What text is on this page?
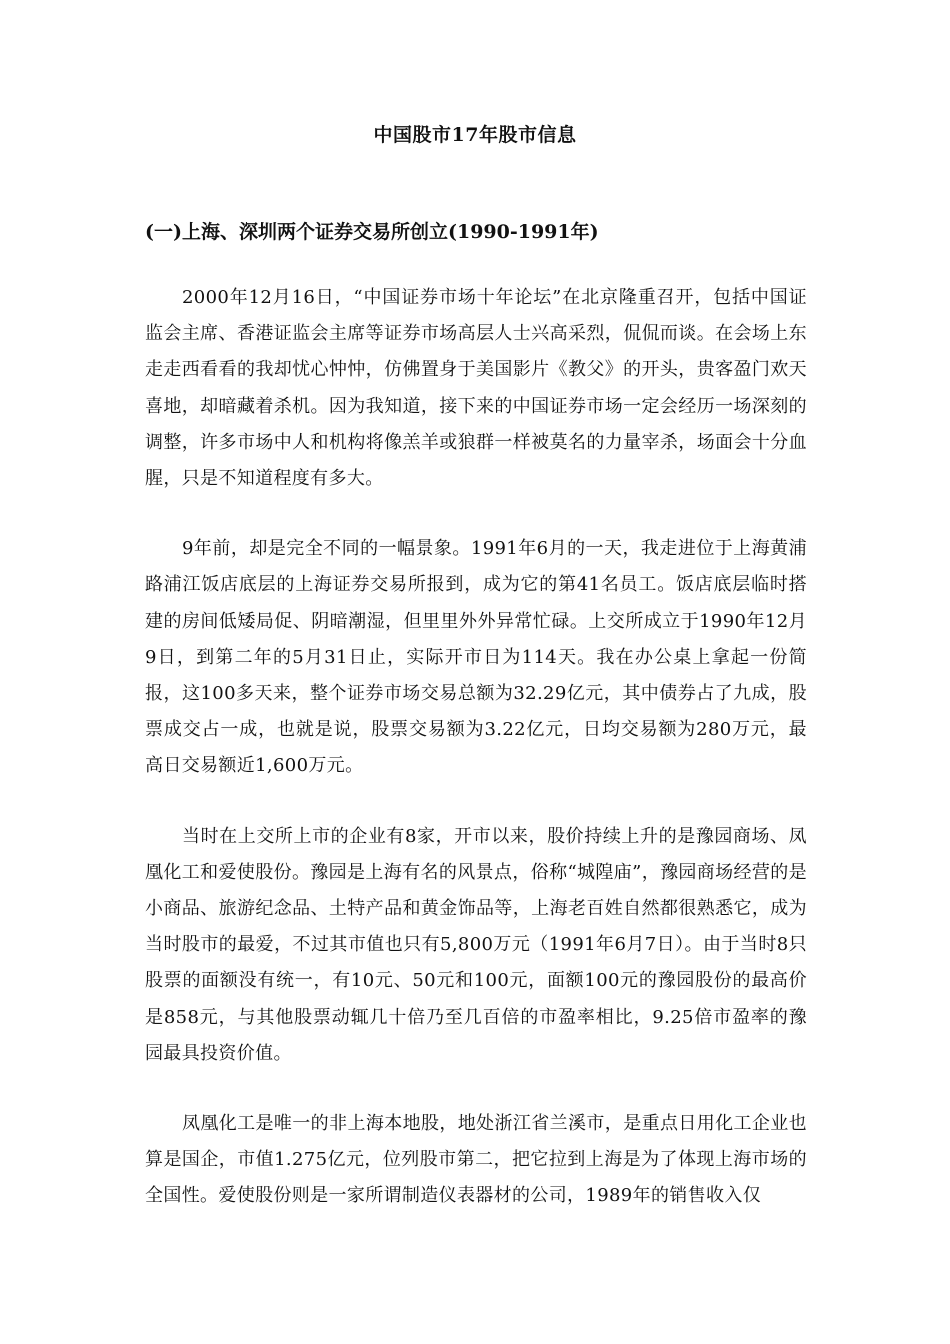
中国股市17年股市信息
(一)上海、深圳两个证券交易所创立(1990-1991年)

2000年12月16日，“中国证券市场十年论坛”在北京隆重召开，包括中国证监会主席、香港证监会主席等证券市场高层人士兴高采烈，侃侃而谈。在会场上东走走西看看的我却忧心忡忡，仿佛置身于美国影片《教父》的开头，贵客盈门欢天喜地，却暗藏着杀机。因为我知道，接下来的中国证券市场一定会经历一场深刻的调整，许多市场中人和机构将像羔羊或狼群一样被莫名的力量宰杀，场面会十分血腥，只是不知道程度有多大。

9年前，却是完全不同的一幅景象。1991年6月的一天，我走进位于上海黄浦路浦江饭店底层的上海证券交易所报到，成为它的第41名员工。饭店底层临时搭建的房间低矮局促、阴暗潮湿，但里里外外异常忙碌。上交所成立于1990年12月9日，到第二年的5月31日止，实际开市日为114天。我在办公桌上拿起一份简报，这100多天来，整个证券市场交易总额为32.29亿元，其中债券占了九成，股票成交占一成，也就是说，股票交易额为3.22亿元，日均交易额为280万元，最高日交易额近1,600万元。

当时在上交所上市的企业有8家，开市以来，股价持续上升的是豫园商场、凤凰化工和爱使股份。豫园是上海有名的风景点，俗称“城隍庙”，豫园商场经营的是小商品、旅游纪念品、土特产品和黄金饰品等，上海老百姓自然都很熟悉它，成为当时股市的最爱，不过其市值也只有5,800万元（1991年6月7日）。由于当时8只股票的面额没有统一，有10元、50元和100元，面额100元的豫园股份的最高价是858元，与其他股票动辄几十倍乃至几百倍的市盈率相比，9.25倍市盈率的豫园最具投资价值。

凤凰化工是唯一的非上海本地股，地处浙江省兰溪市，是重点日用化工企业也算是国企，市值1.275亿元，位列股市第二，把它拉到上海是为了体现上海市场的全国性。爱使股份则是一家所谓制造仪表器材的公司，1989年的销售收入仅
